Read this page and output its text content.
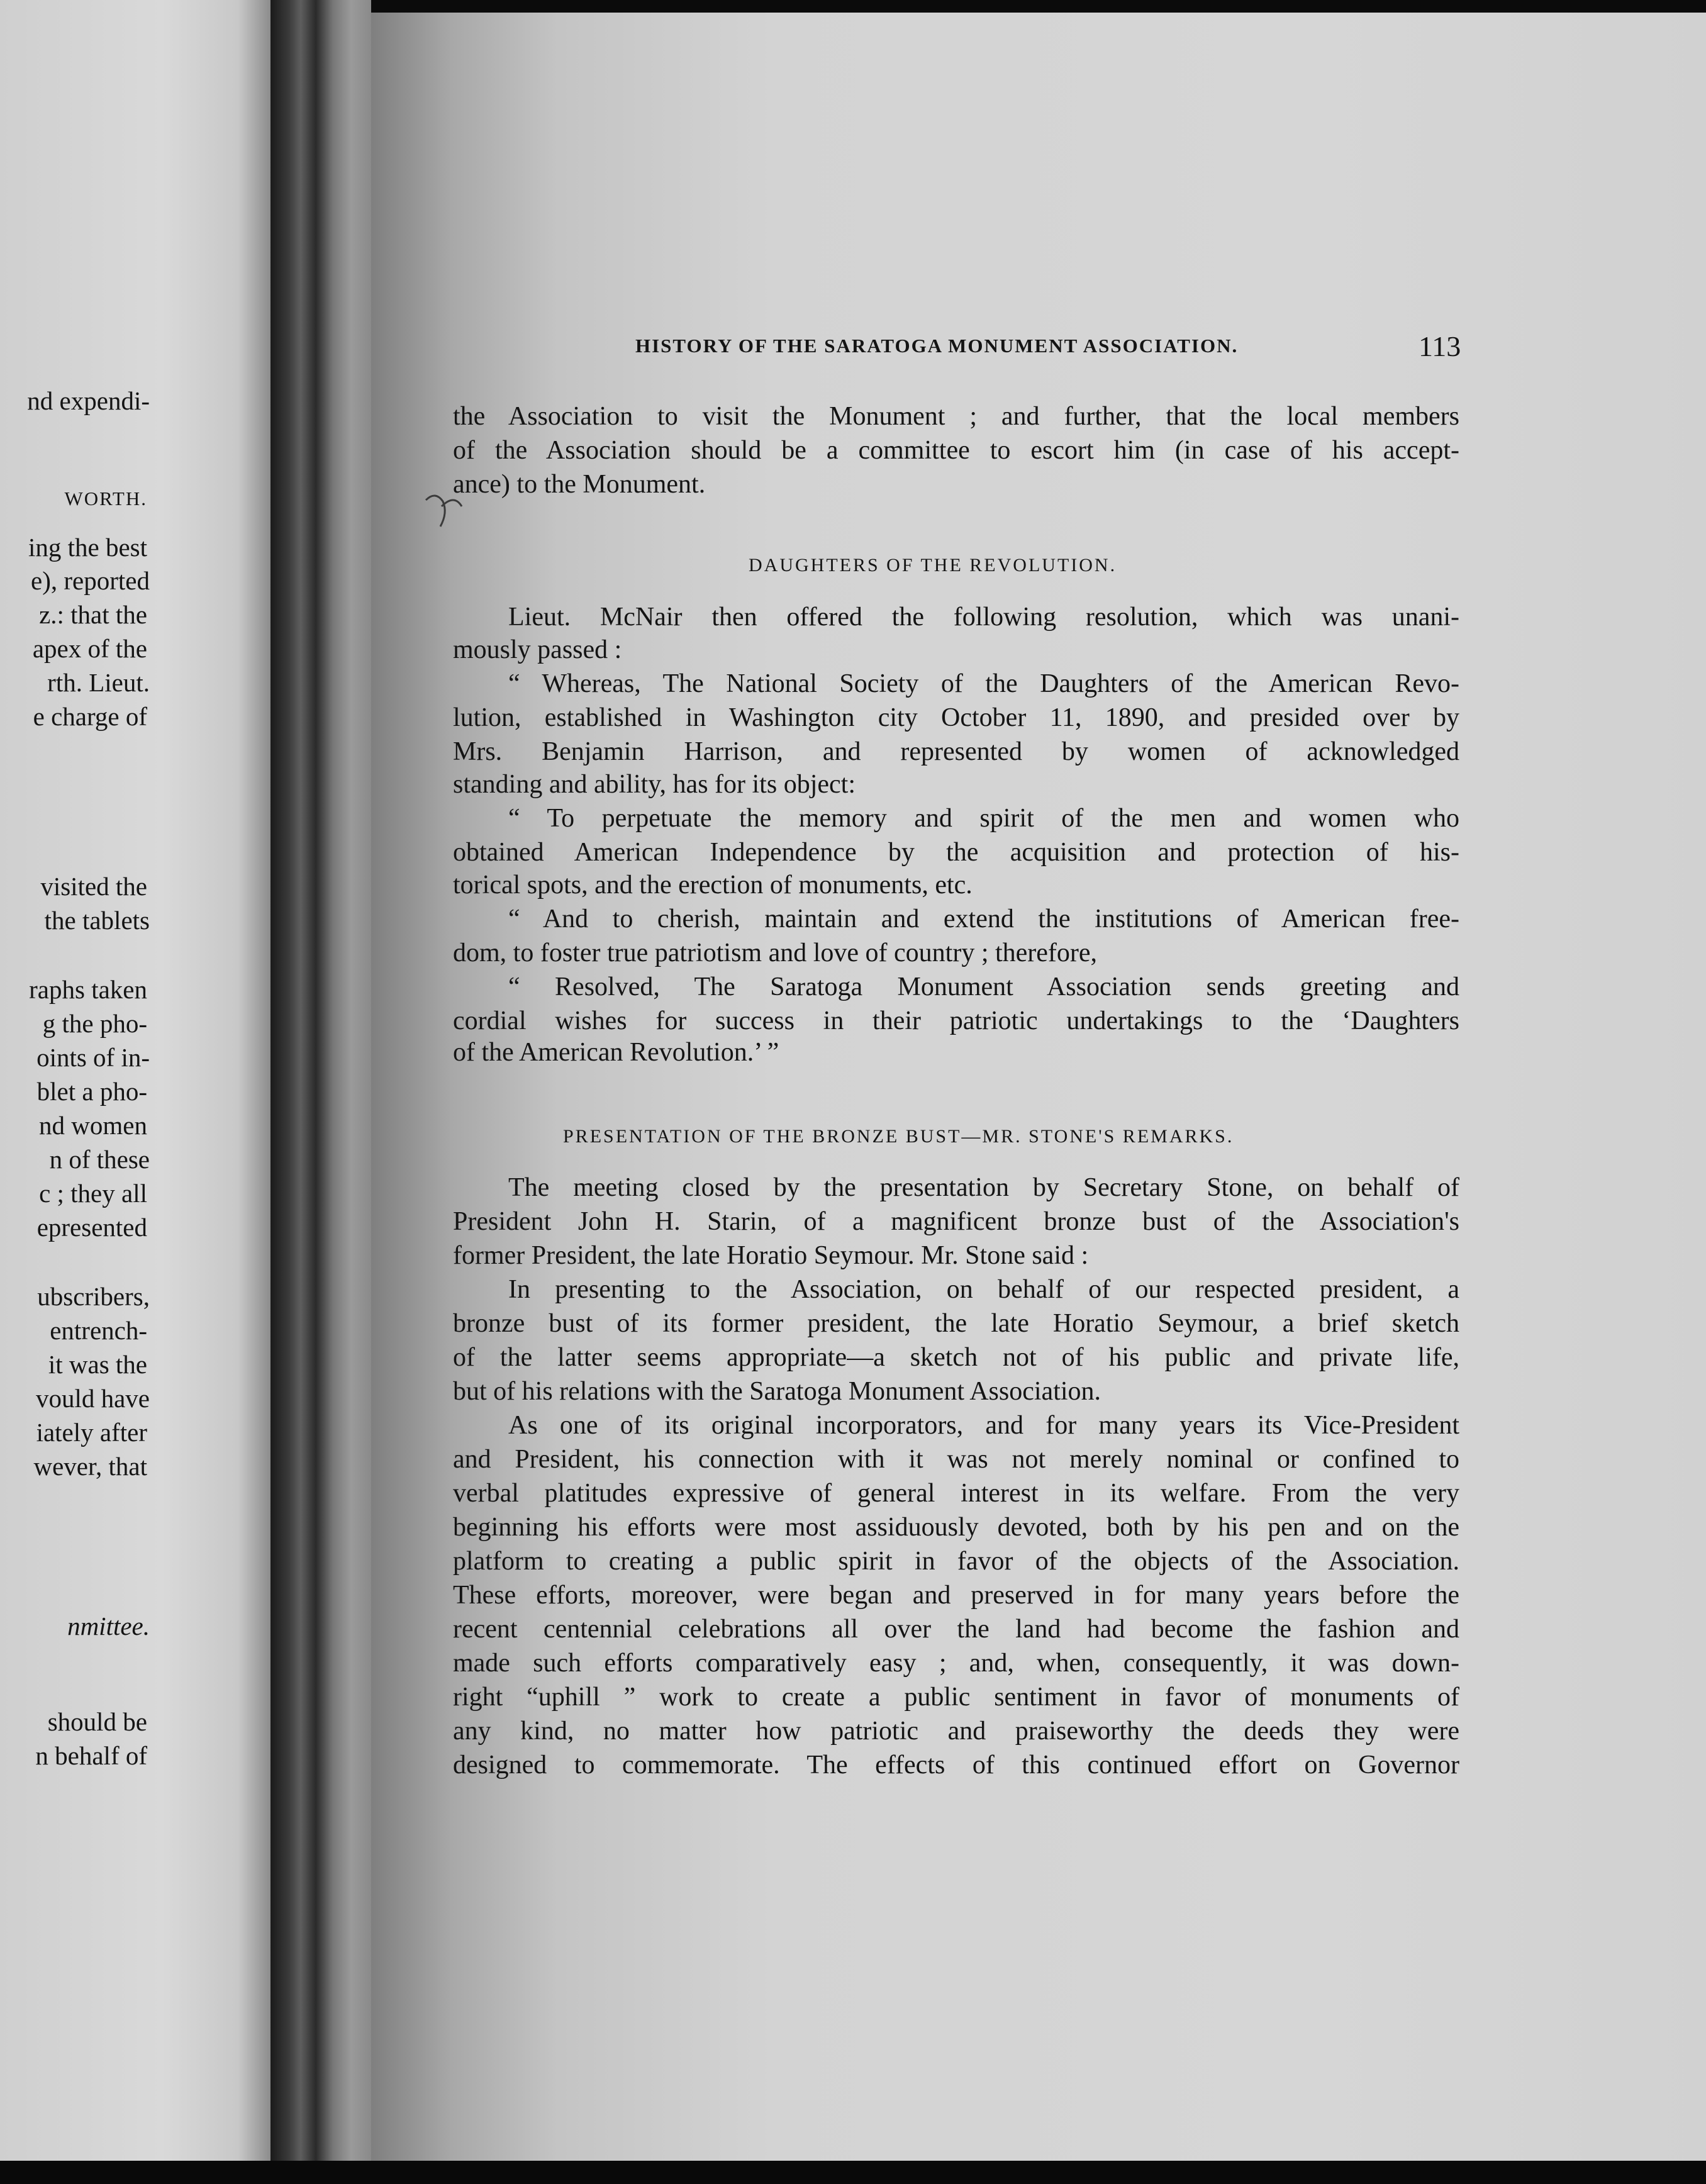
nd expendi-
WORTH.
ing the best
e), reported
z.: that the
apex of the
rth. Lieut.
e charge of
visited the
the tablets
raphs taken
g the pho-
oints of in-
blet a pho-
nd women
n of these
c ; they all
epresented
ubscribers,
entrench-
it was the
vould have
iately after
wever, that
nmittee.
should be
n behalf of
HISTORY OF THE SARATOGA MONUMENT ASSOCIATION.	113
DAUGHTERS OF THE REVOLUTION.
PRESENTATION OF THE BRONZE BUST—MR. STONE'S REMARKS.
the Association to visit the Monument ; and further, that the local members
of the Association should be a committee to escort him (in case of his accept-
ance) to the Monument.
Lieut. McNair then offered the following resolution, which was unani-
mously passed :
“ Whereas, The National Society of the Daughters of the American Revo-
lution, established in Washington city October 11, 1890, and presided over by
Mrs. Benjamin Harrison, and represented by women of acknowledged
standing and ability, has for its object:
“ To perpetuate the memory and spirit of the men and women who
obtained American Independence by the acquisition and protection of his-
torical spots, and the erection of monuments, etc.
“ And to cherish, maintain and extend the institutions of American free-
dom, to foster true patriotism and love of country ; therefore,
“ Resolved, The Saratoga Monument Association sends greeting and
cordial wishes for success in their patriotic undertakings to the ‘Daughters
of the American Revolution.’ ”
The meeting closed by the presentation by Secretary Stone, on behalf of
President John H. Starin, of a magnificent bronze bust of the Association's
former President, the late Horatio Seymour. Mr. Stone said :
In presenting to the Association, on behalf of our respected president, a
bronze bust of its former president, the late Horatio Seymour, a brief sketch
of the latter seems appropriate—a sketch not of his public and private life,
but of his relations with the Saratoga Monument Association.
As one of its original incorporators, and for many years its Vice-President
and President, his connection with it was not merely nominal or confined to
verbal platitudes expressive of general interest in its welfare. From the very
beginning his efforts were most assiduously devoted, both by his pen and on the
platform to creating a public spirit in favor of the objects of the Association.
These efforts, moreover, were began and preserved in for many years before the
recent centennial celebrations all over the land had become the fashion and
made such efforts comparatively easy ; and, when, consequently, it was down-
right “uphill ” work to create a public sentiment in favor of monuments of
any kind, no matter how patriotic and praiseworthy the deeds they were
designed to commemorate. The effects of this continued effort on Governor
